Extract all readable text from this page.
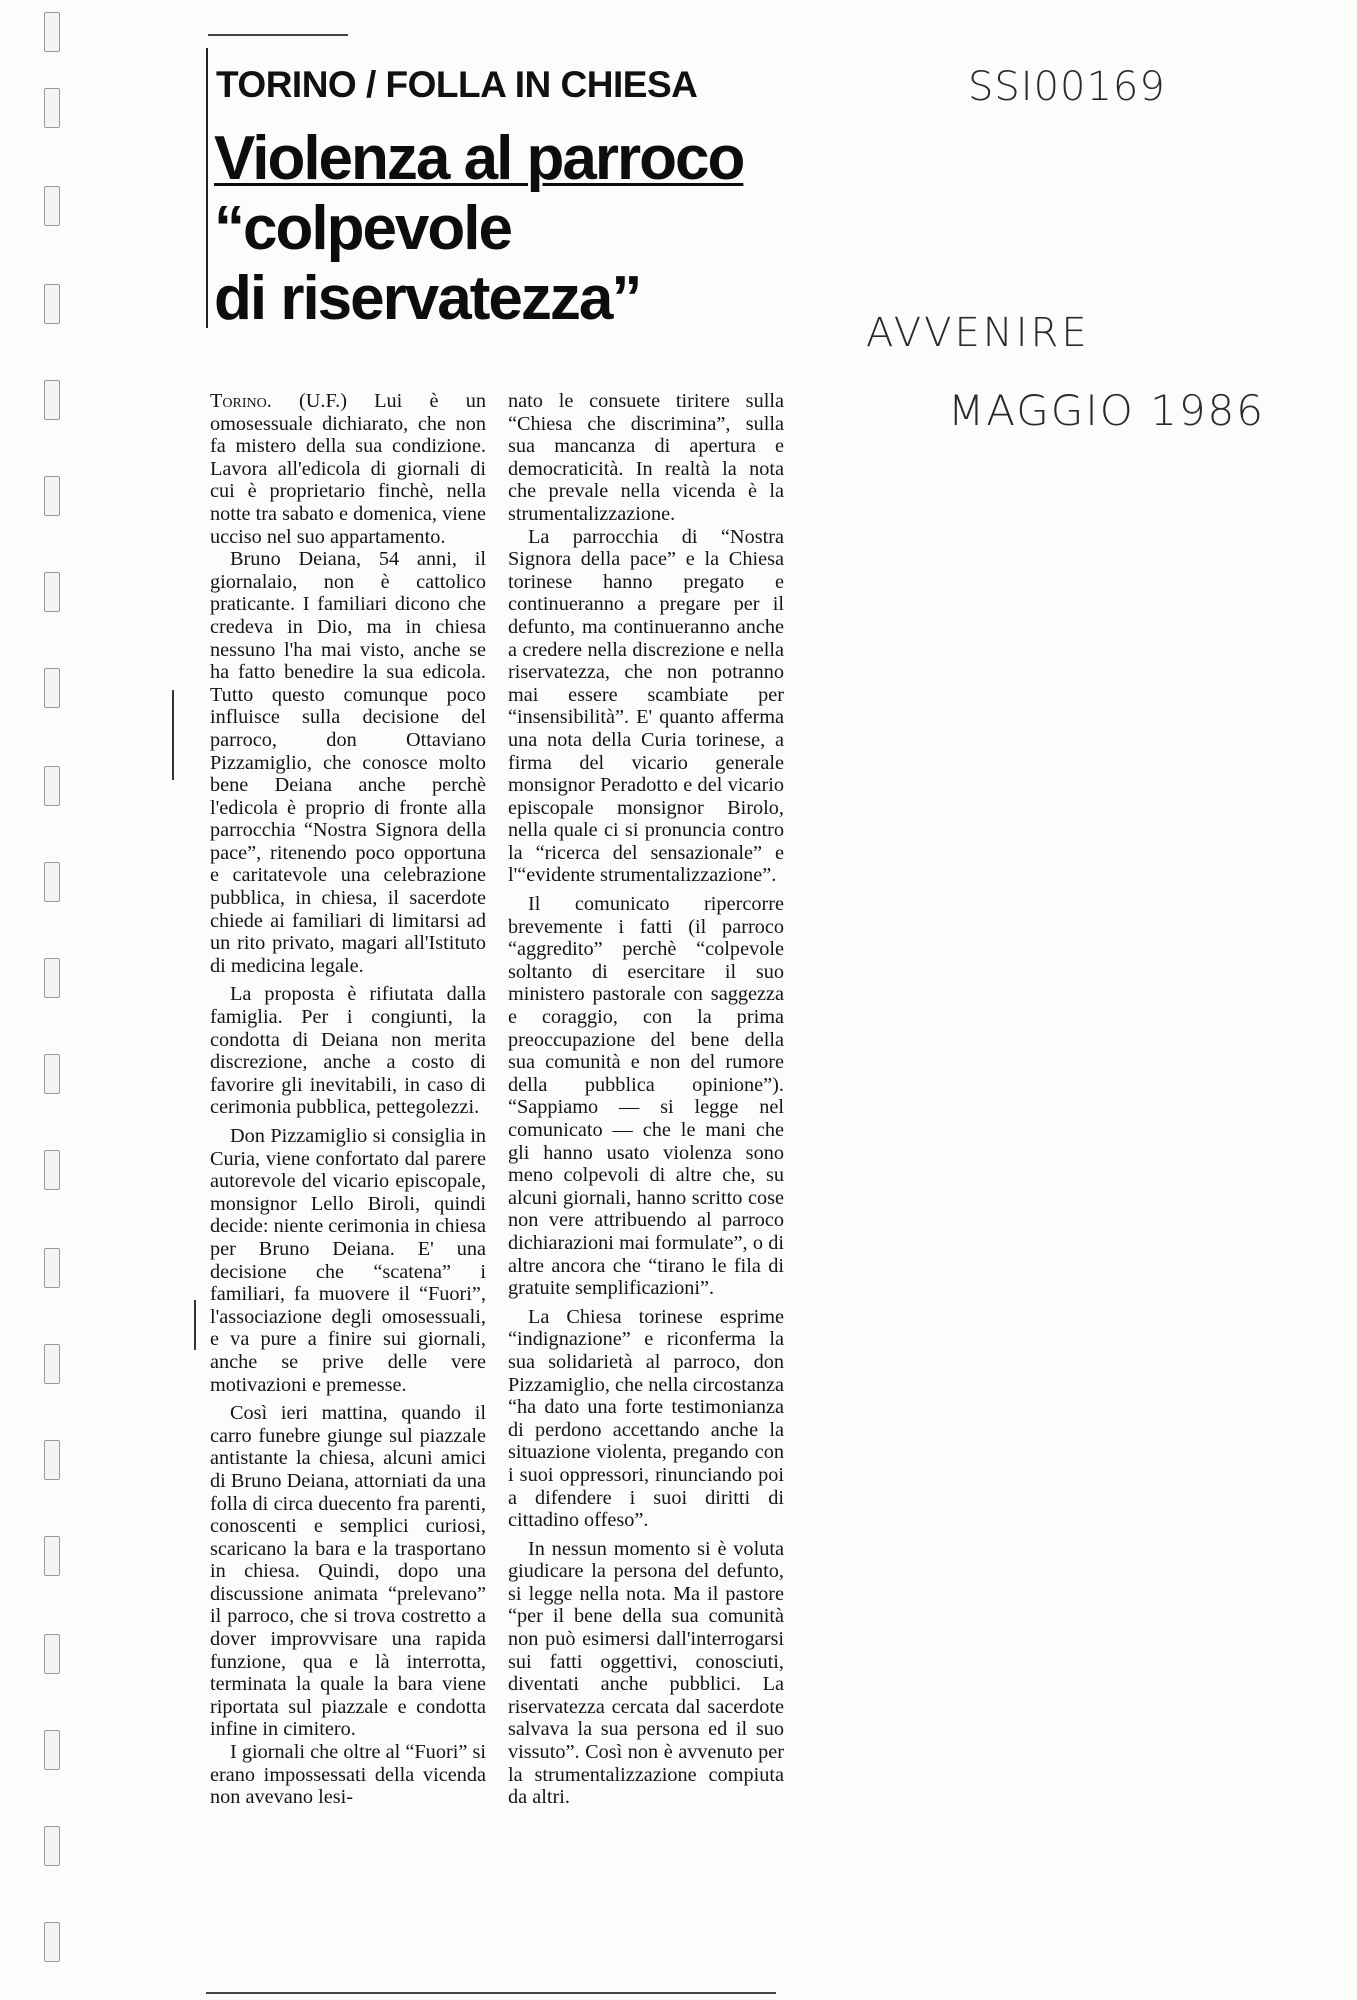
TORINO / FOLLA IN CHIESA
Violenza al parroco
“colpevole
di riservatezza”
SSI00169
AVVENIRE
MAGGIO 1986

Torino. (U.F.) Lui è un omosessuale dichiarato, che non fa mistero della sua condizione. Lavora all'edicola di giornali di cui è proprietario finchè, nella notte tra sabato e domenica, viene ucciso nel suo appartamento.

Bruno Deiana, 54 anni, il giornalaio, non è cattolico praticante. I familiari dicono che credeva in Dio, ma in chiesa nessuno l'ha mai visto, anche se ha fatto benedire la sua edicola. Tutto questo comunque poco influisce sulla decisione del parroco, don Ottaviano Pizzamiglio, che conosce molto bene Deiana anche perchè l'edicola è proprio di fronte alla parrocchia “Nostra Signora della pace”, ritenendo poco opportuna e caritatevole una celebrazione pubblica, in chiesa, il sacerdote chiede ai familiari di limitarsi ad un rito privato, magari all'Istituto di medicina legale.

La proposta è rifiutata dalla famiglia. Per i congiunti, la condotta di Deiana non merita discrezione, anche a costo di favorire gli inevitabili, in caso di cerimonia pubblica, pettegolezzi.

Don Pizzamiglio si consiglia in Curia, viene confortato dal parere autorevole del vicario episcopale, monsignor Lello Biroli, quindi decide: niente cerimonia in chiesa per Bruno Deiana. E' una decisione che “scatena” i familiari, fa muovere il “Fuori”, l'associazione degli omosessuali, e va pure a finire sui giornali, anche se prive delle vere motivazioni e premesse.

Così ieri mattina, quando il carro funebre giunge sul piazzale antistante la chiesa, alcuni amici di Bruno Deiana, attorniati da una folla di circa duecento fra parenti, conoscenti e semplici curiosi, scaricano la bara e la trasportano in chiesa. Quindi, dopo una discussione animata “prelevano” il parroco, che si trova costretto a dover improvvisare una rapida funzione, qua e là interrotta, terminata la quale la bara viene riportata sul piazzale e condotta infine in cimitero.

I giornali che oltre al “Fuori” si erano impossessati della vicenda non avevano lesi-

nato le consuete tiritere sulla “Chiesa che discrimina”, sulla sua mancanza di apertura e democraticità. In realtà la nota che prevale nella vicenda è la strumentalizzazione.

La parrocchia di “Nostra Signora della pace” e la Chiesa torinese hanno pregato e continueranno a pregare per il defunto, ma continueranno anche a credere nella discrezione e nella riservatezza, che non potranno mai essere scambiate per “insensibilità”. E' quanto afferma una nota della Curia torinese, a firma del vicario generale monsignor Peradotto e del vicario episcopale monsignor Birolo, nella quale ci si pronuncia contro la “ricerca del sensazionale” e l'“evidente strumentalizzazione”.

Il comunicato ripercorre brevemente i fatti (il parroco “aggredito” perchè “colpevole soltanto di esercitare il suo ministero pastorale con saggezza e coraggio, con la prima preoccupazione del bene della sua comunità e non del rumore della pubblica opinione”). “Sappiamo — si legge nel comunicato — che le mani che gli hanno usato violenza sono meno colpevoli di altre che, su alcuni giornali, hanno scritto cose non vere attribuendo al parroco dichiarazioni mai formulate”, o di altre ancora che “tirano le fila di gratuite semplificazioni”.

La Chiesa torinese esprime “indignazione” e riconferma la sua solidarietà al parroco, don Pizzamiglio, che nella circostanza “ha dato una forte testimonianza di perdono accettando anche la situazione violenta, pregando con i suoi oppressori, rinunciando poi a difendere i suoi diritti di cittadino offeso”.

In nessun momento si è voluta giudicare la persona del defunto, si legge nella nota. Ma il pastore “per il bene della sua comunità non può esimersi dall'interrogarsi sui fatti oggettivi, conosciuti, diventati anche pubblici. La riservatezza cercata dal sacerdote salvava la sua persona ed il suo vissuto”. Così non è avvenuto per la strumentalizzazione compiuta da altri.
